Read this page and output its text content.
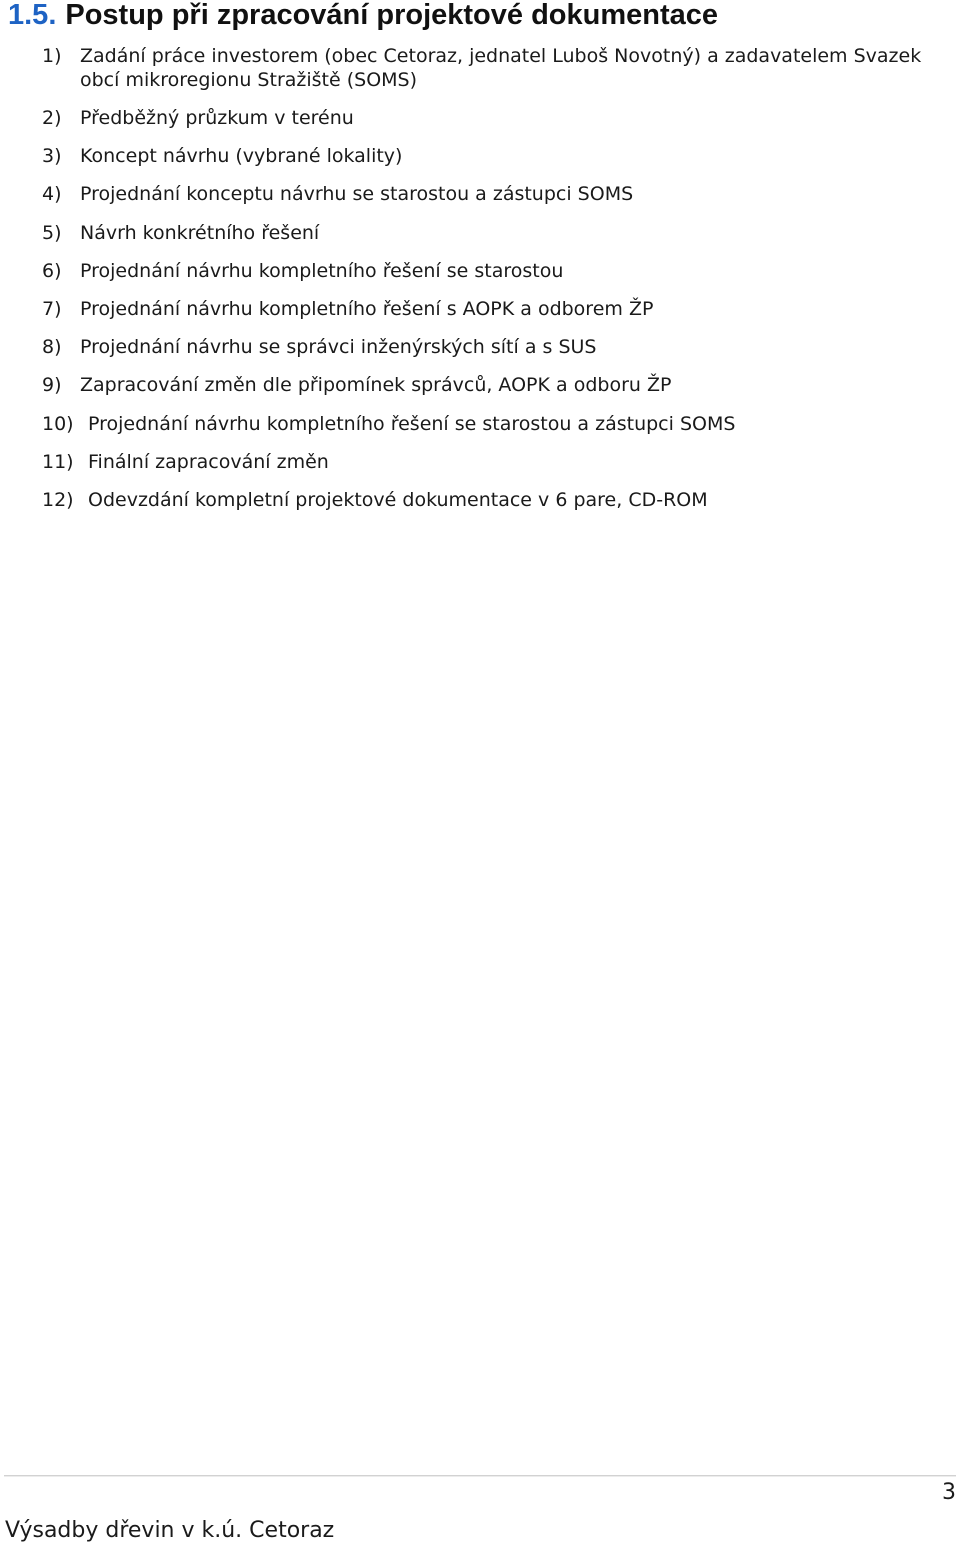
1.5. Postup při zpracování projektové dokumentace
1) Zadání práce investorem (obec Cetoraz, jednatel Luboš Novotný) a zadavatelem Svazek obcí mikroregionu Stražiště (SOMS)
2) Předběžný průzkum v terénu
3) Koncept návrhu (vybrané lokality)
4) Projednání konceptu návrhu se starostou a zástupci SOMS
5) Návrh konkrétního řešení
6) Projednání návrhu kompletního řešení se starostou
7) Projednání návrhu kompletního řešení s AOPK a odborem ŽP
8) Projednání návrhu se správci inženýrských sítí a s SUS
9) Zapracování změn dle připomínek správců, AOPK a odboru ŽP
10) Projednání návrhu kompletního řešení se starostou a zástupci SOMS
11) Finální zapracování změn
12) Odevzdání kompletní projektové dokumentace v 6 pare, CD-ROM
3
Výsadby dřevin v k.ú. Cetoraz
